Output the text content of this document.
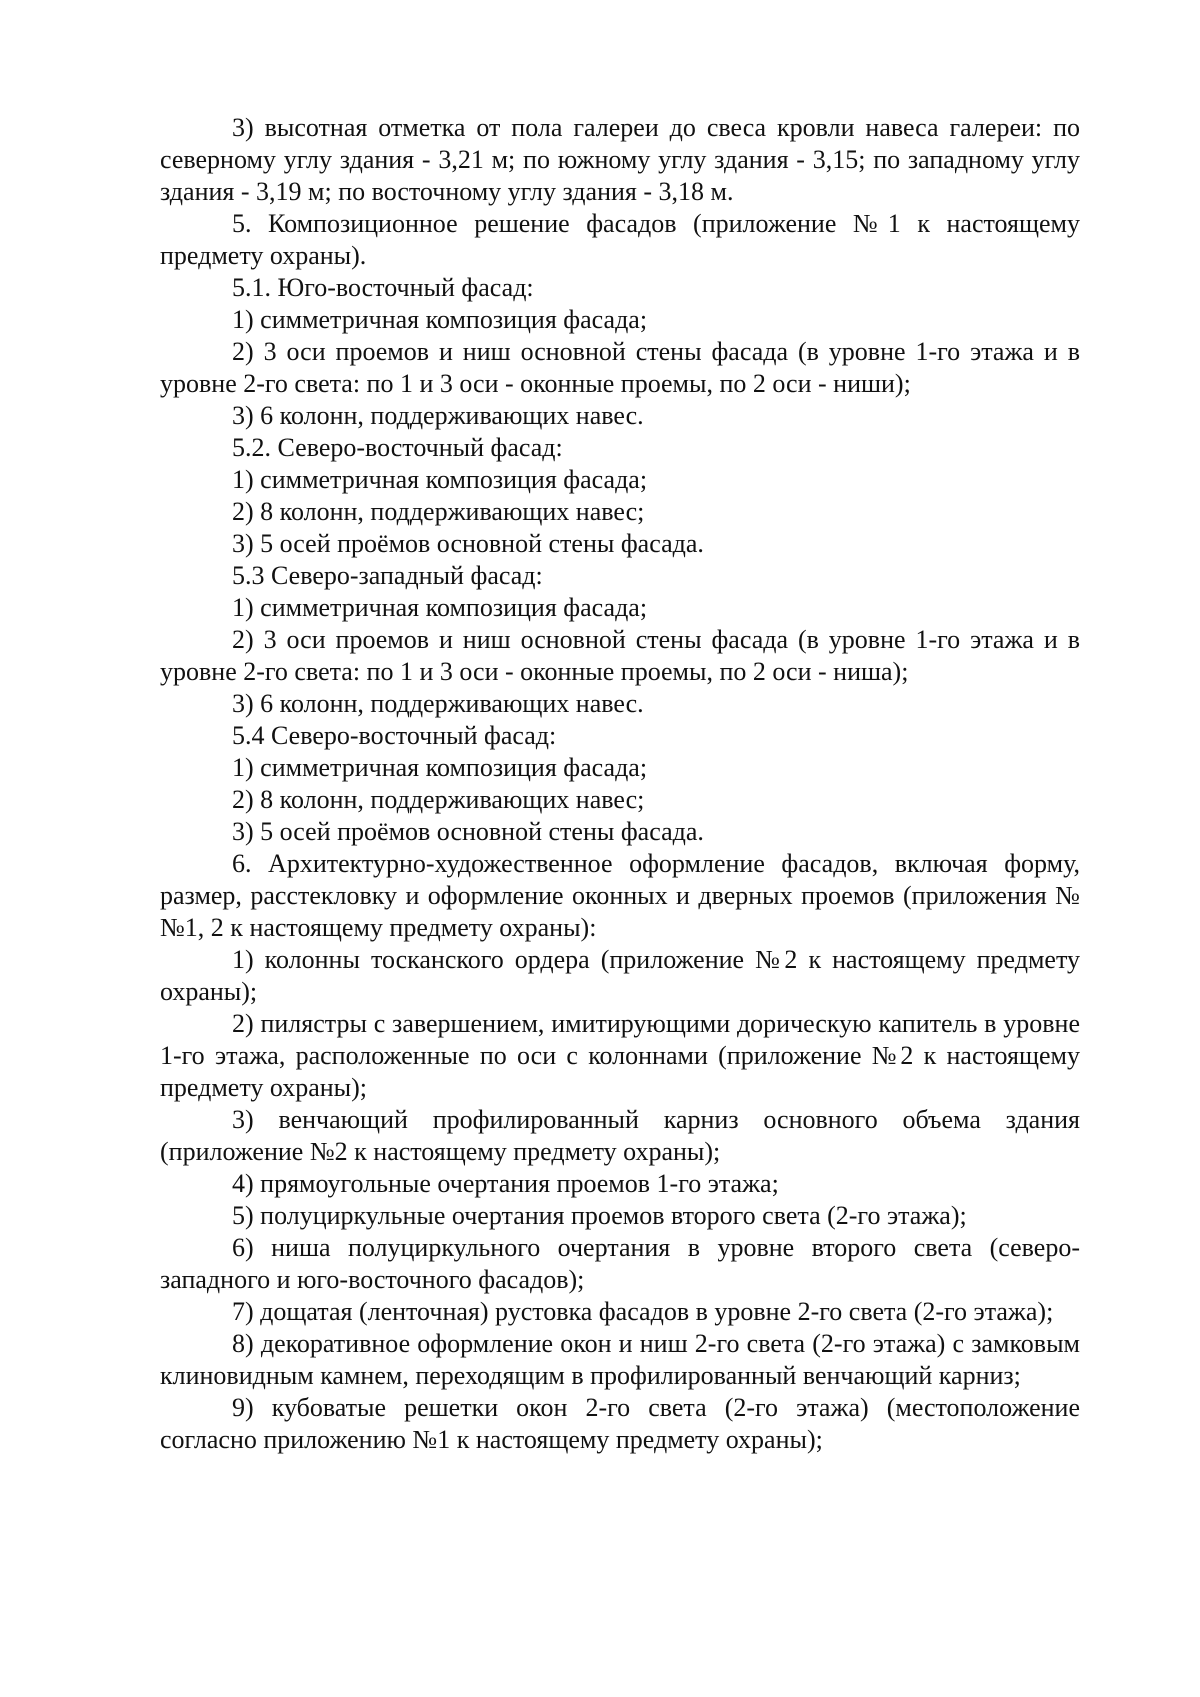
3) высотная отметка от пола галереи до свеса кровли навеса галереи: по северному углу здания - 3,21 м; по южному углу здания - 3,15; по западному углу здания - 3,19 м; по восточному углу здания - 3,18 м.

5. Композиционное решение фасадов (приложение №1 к настоящему предмету охраны).

5.1. Юго-восточный фасад:

1) симметричная композиция фасада;

2) 3 оси проемов и ниш основной стены фасада (в уровне 1-го этажа и в уровне 2-го света: по 1 и 3 оси - оконные проемы, по 2 оси - ниши);

3) 6 колонн, поддерживающих навес.

5.2. Северо-восточный фасад:

1) симметричная композиция фасада;

2) 8 колонн, поддерживающих навес;

3) 5 осей проёмов основной стены фасада.

5.3 Северо-западный фасад:

1) симметричная композиция фасада;

2) 3 оси проемов и ниш основной стены фасада (в уровне 1-го этажа и в уровне 2-го света: по 1 и 3 оси - оконные проемы, по 2 оси - ниша);

3) 6 колонн, поддерживающих навес.

5.4 Северо-восточный фасад:

1) симметричная композиция фасада;

2) 8 колонн, поддерживающих навес;

3) 5 осей проёмов основной стены фасада.

6. Архитектурно-художественное оформление фасадов, включая форму, размер, расстекловку и оформление оконных и дверных проемов (приложения №№1, 2 к настоящему предмету охраны):

1) колонны тосканского ордера (приложение №2 к настоящему предмету охраны);

2) пилястры с завершением, имитирующими дорическую капитель в уровне 1-го этажа, расположенные по оси с колоннами (приложение №2 к настоящему предмету охраны);

3) венчающий профилированный карниз основного объема здания (приложение №2 к настоящему предмету охраны);

4) прямоугольные очертания проемов 1-го этажа;

5) полуциркульные очертания проемов второго света (2-го этажа);

6) ниша полуциркульного очертания в уровне второго света (северо-западного и юго-восточного фасадов);

7) дощатая (ленточная) рустовка фасадов в уровне 2-го света (2-го этажа);

8) декоративное оформление окон и ниш 2-го света (2-го этажа) с замковым клиновидным камнем, переходящим в профилированный венчающий карниз;

9) кубоватые решетки окон 2-го света (2-го этажа) (местоположение согласно приложению №1 к настоящему предмету охраны);
